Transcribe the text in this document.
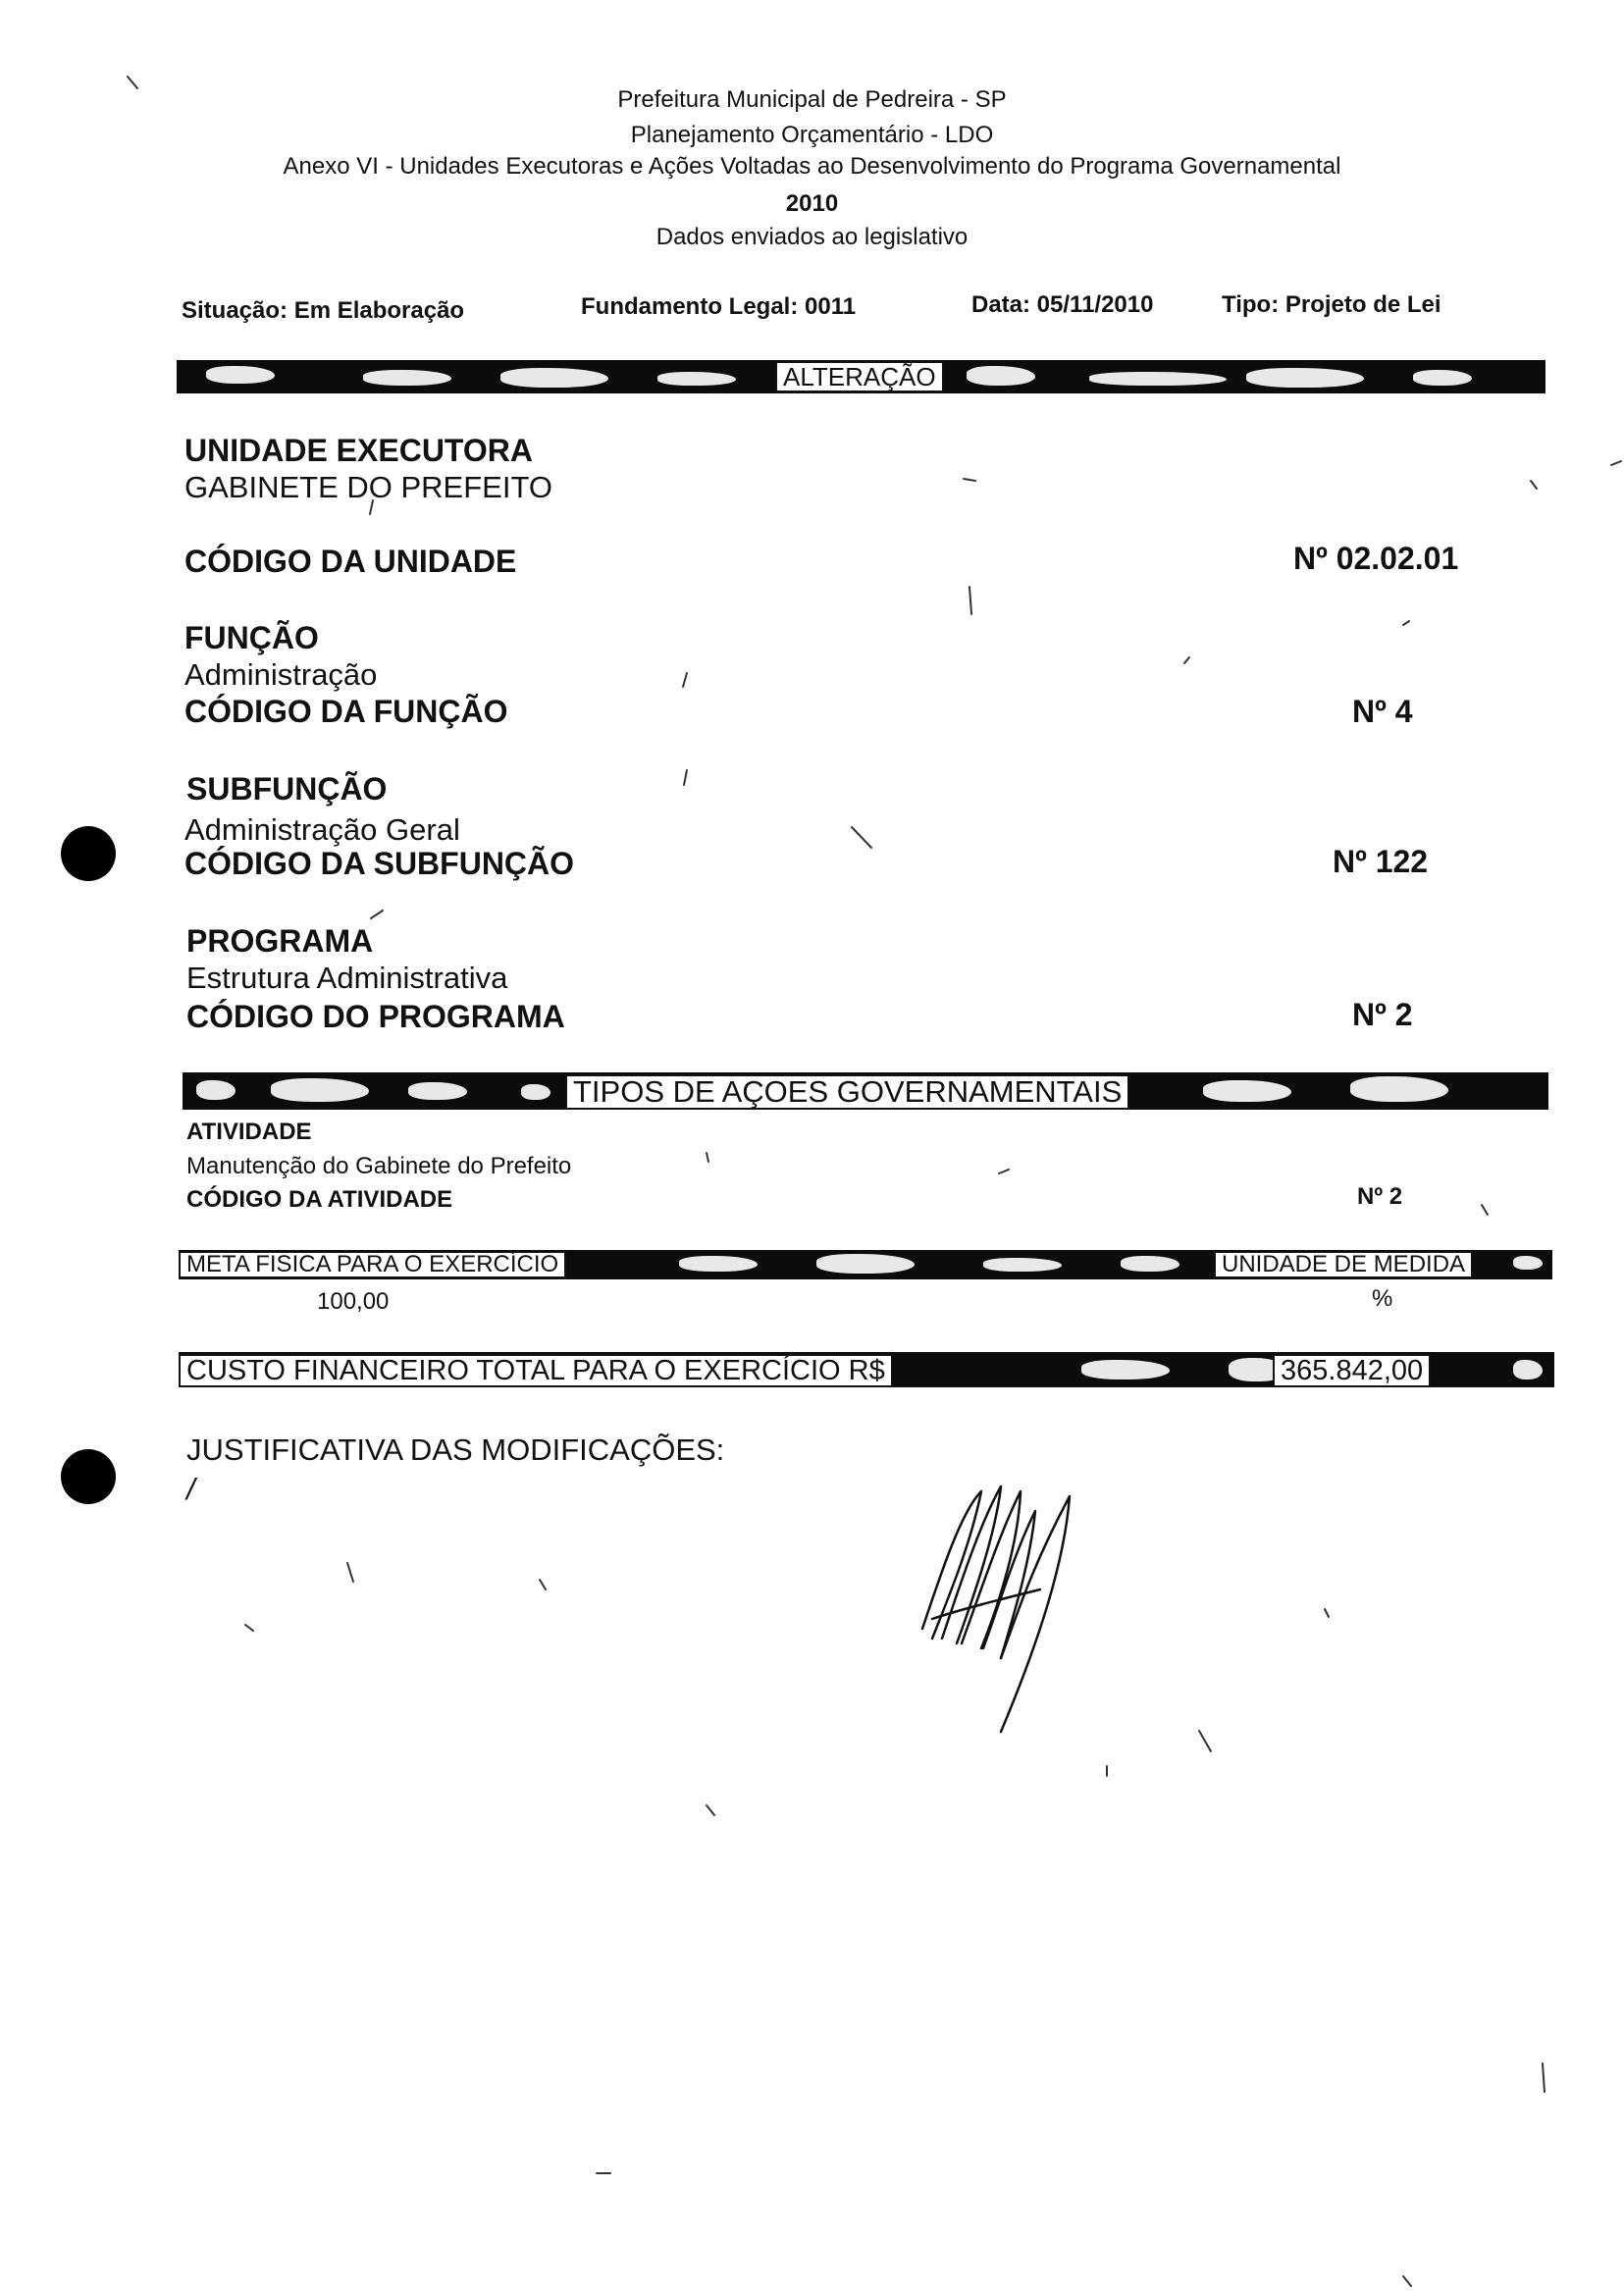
Prefeitura Municipal de Pedreira - SP
Planejamento Orçamentário - LDO
Anexo VI - Unidades Executoras e Ações Voltadas ao Desenvolvimento do Programa Governamental
2010
Dados enviados ao legislativo
Situação: Em Elaboração	Fundamento Legal: 0011	Data: 05/11/2010	Tipo: Projeto de Lei
ALTERAÇÃO
UNIDADE EXECUTORA
GABINETE DO PREFEITO
CÓDIGO DA UNIDADE	Nº 02.02.01
FUNÇÃO
Administração
CÓDIGO DA FUNÇÃO	Nº 4
SUBFUNÇÃO
Administração Geral
CÓDIGO DA SUBFUNÇÃO	Nº 122
PROGRAMA
Estrutura Administrativa
CÓDIGO DO PROGRAMA	Nº 2
TIPOS DE AÇOES GOVERNAMENTAIS
ATIVIDADE
Manutenção do Gabinete do Prefeito
CÓDIGO DA ATIVIDADE	Nº 2
META FISICA PARA O EXERCÍCIO	UNIDADE DE MEDIDA
100,00	%
CUSTO FINANCEIRO TOTAL PARA O EXERCÍCIO R$	365.842,00
JUSTIFICATIVA DAS MODIFICAÇÕES:
/
